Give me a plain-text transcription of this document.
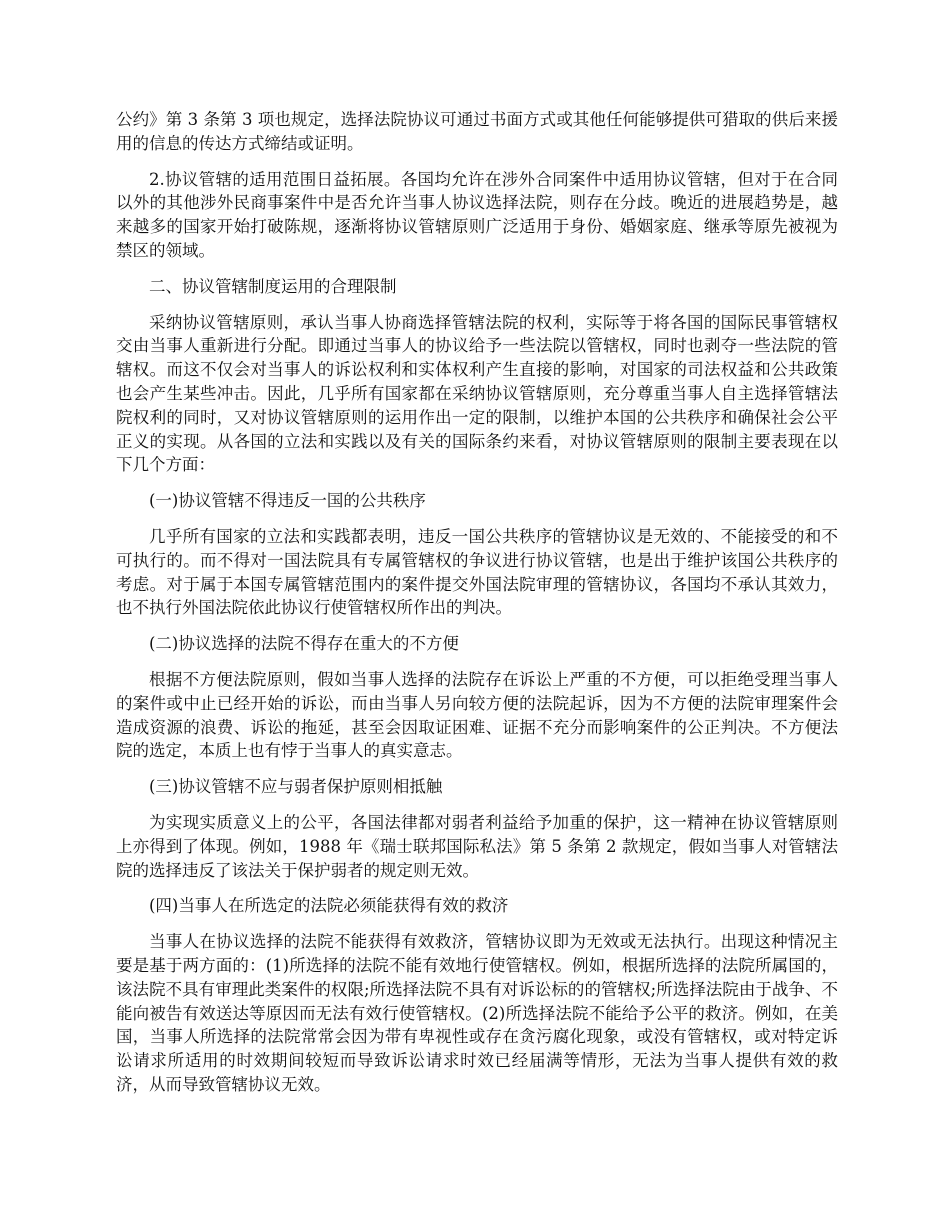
公约》第 3 条第 3 项也规定，选择法院协议可通过书面方式或其他任何能够提供可猎取的供后来援用的信息的传达方式缔结或证明。

2.协议管辖的适用范围日益拓展。各国均允许在涉外合同案件中适用协议管辖，但对于在合同以外的其他涉外民商事案件中是否允许当事人协议选择法院，则存在分歧。晚近的进展趋势是，越来越多的国家开始打破陈规，逐渐将协议管辖原则广泛适用于身份、婚姻家庭、继承等原先被视为禁区的领域。

二、协议管辖制度运用的合理限制

采纳协议管辖原则，承认当事人协商选择管辖法院的权利，实际等于将各国的国际民事管辖权交由当事人重新进行分配。即通过当事人的协议给予一些法院以管辖权，同时也剥夺一些法院的管辖权。而这不仅会对当事人的诉讼权利和实体权利产生直接的影响，对国家的司法权益和公共政策也会产生某些冲击。因此，几乎所有国家都在采纳协议管辖原则，充分尊重当事人自主选择管辖法院权利的同时，又对协议管辖原则的运用作出一定的限制，以维护本国的公共秩序和确保社会公平正义的实现。从各国的立法和实践以及有关的国际条约来看，对协议管辖原则的限制主要表现在以下几个方面：

(一)协议管辖不得违反一国的公共秩序

几乎所有国家的立法和实践都表明，违反一国公共秩序的管辖协议是无效的、不能接受的和不可执行的。而不得对一国法院具有专属管辖权的争议进行协议管辖，也是出于维护该国公共秩序的考虑。对于属于本国专属管辖范围内的案件提交外国法院审理的管辖协议，各国均不承认其效力，也不执行外国法院依此协议行使管辖权所作出的判决。

(二)协议选择的法院不得存在重大的不方便

根据不方便法院原则，假如当事人选择的法院存在诉讼上严重的不方便，可以拒绝受理当事人的案件或中止已经开始的诉讼，而由当事人另向较方便的法院起诉，因为不方便的法院审理案件会造成资源的浪费、诉讼的拖延，甚至会因取证困难、证据不充分而影响案件的公正判决。不方便法院的选定，本质上也有悖于当事人的真实意志。

(三)协议管辖不应与弱者保护原则相抵触

为实现实质意义上的公平，各国法律都对弱者利益给予加重的保护，这一精神在协议管辖原则上亦得到了体现。例如，1988 年《瑞士联邦国际私法》第 5 条第 2 款规定，假如当事人对管辖法院的选择违反了该法关于保护弱者的规定则无效。

(四)当事人在所选定的法院必须能获得有效的救济

当事人在协议选择的法院不能获得有效救济，管辖协议即为无效或无法执行。出现这种情况主要是基于两方面的：(1)所选择的法院不能有效地行使管辖权。例如，根据所选择的法院所属国的，该法院不具有审理此类案件的权限;所选择法院不具有对诉讼标的的管辖权;所选择法院由于战争、不能向被告有效送达等原因而无法有效行使管辖权。(2)所选择法院不能给予公平的救济。例如，在美国，当事人所选择的法院常常会因为带有卑视性或存在贪污腐化现象，或没有管辖权，或对特定诉讼请求所适用的时效期间较短而导致诉讼请求时效已经届满等情形，无法为当事人提供有效的救济，从而导致管辖协议无效。
